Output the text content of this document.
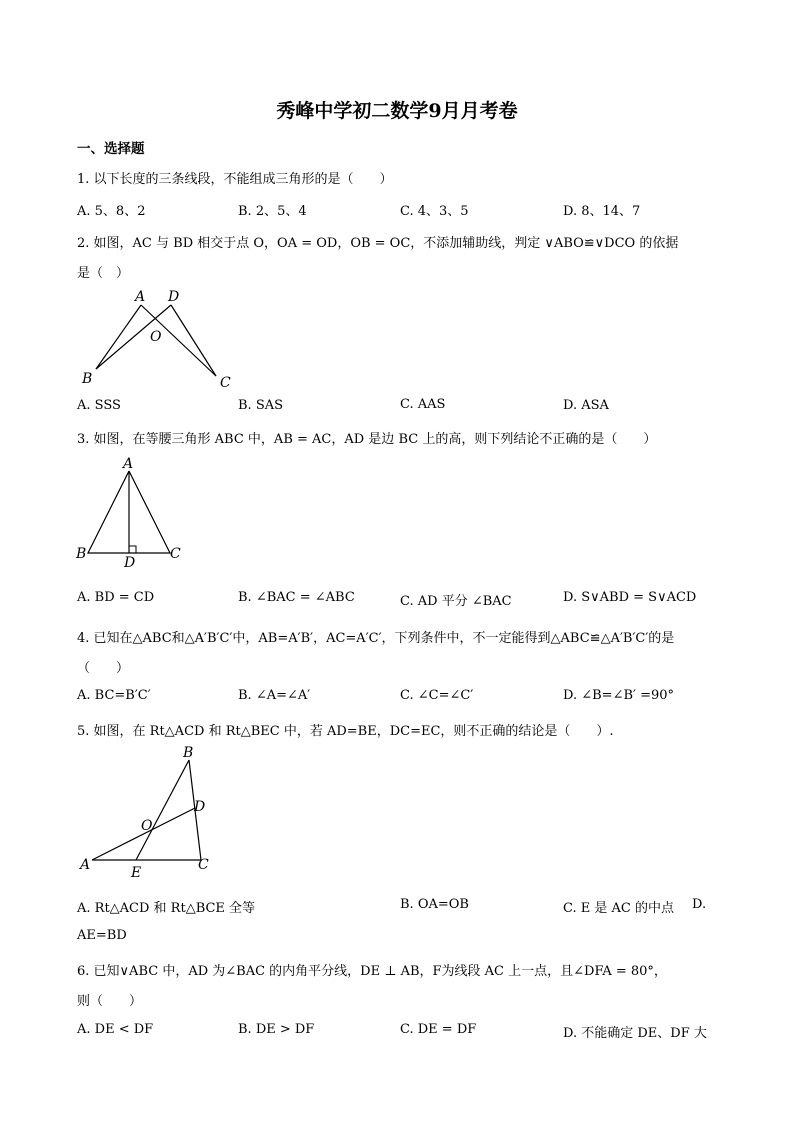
秀峰中学初二数学9月月考卷
一、选择题
1. 以下长度的三条线段，不能组成三角形的是（　　）
A. 5、8、2	B. 2、5、4	C. 4、3、5	D. 8、14、7
2. 如图，AC 与 BD 相交于点 O，OA = OD，OB = OC，不添加辅助线，判定 ∨ABO≌∨DCO 的依据
是（　）
A D
O
B	C
A. SSS	B. SAS	C. AAS	D. ASA
3. 如图，在等腰三角形 ABC 中，AB = AC，AD 是边 BC 上的高，则下列结论不正确的是（　　）
A
B	C
D
A. BD = CD	B. ∠BAC = ∠ABC	C. AD 平分 ∠BAC	D. S∨ABD = S∨ACD
4. 已知在△ABC和△A′B′C′中，AB=A′B′，AC=A′C′，下列条件中，不一定能得到△ABC≌△A′B′C′的是
（　　）
A. BC=B′C′	B. ∠A=∠A′	C. ∠C=∠C′	D. ∠B=∠B′ =90°
5. 如图，在 Rt△ACD 和 Rt△BEC 中，若 AD=BE，DC=EC，则不正确的结论是（　　）.
B
D
O
A	E	C
A. Rt△ACD 和 Rt△BCE 全等	B. OA=OB	C. E 是 AC 的中点 D.
AE=BD
6. 已知∨ABC 中，AD 为∠BAC 的内角平分线，DE ⊥ AB，F为线段 AC 上一点，且∠DFA = 80°，
则（　　）
A. DE < DF	B. DE > DF	C. DE = DF	D. 不能确定 DE、DF 大
